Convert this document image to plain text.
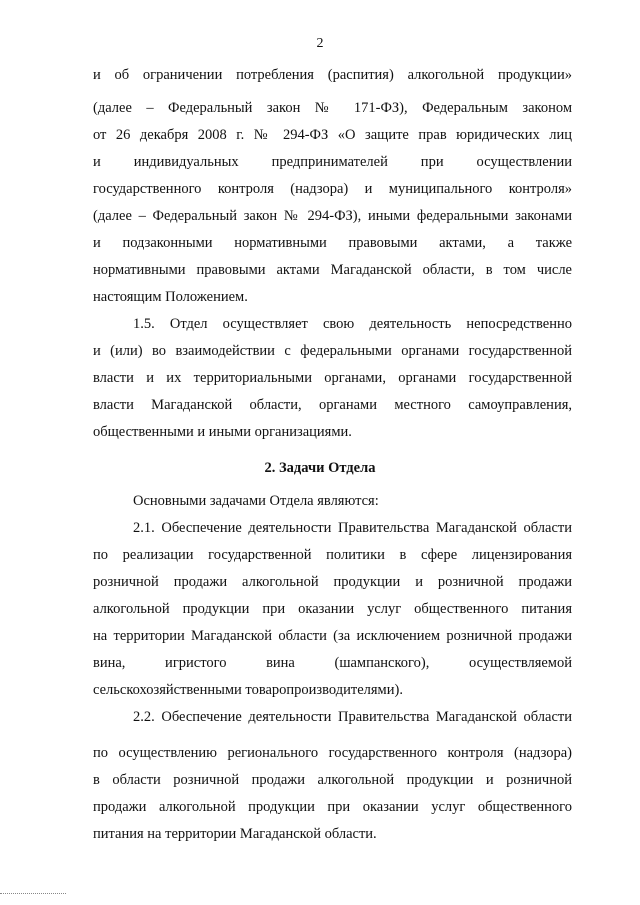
2
и об ограничении потребления (распития) алкогольной продукции»
(далее – Федеральный закон № 171-ФЗ), Федеральным законом
от 26 декабря 2008 г. № 294-ФЗ «О защите прав юридических лиц
и индивидуальных предпринимателей при осуществлении
государственного контроля (надзора) и муниципального контроля»
(далее – Федеральный закон № 294-ФЗ), иными федеральными законами
и подзаконными нормативными правовыми актами, а также
нормативными правовыми актами Магаданской области, в том числе
настоящим Положением.
1.5. Отдел осуществляет свою деятельность непосредственно
и (или) во взаимодействии с федеральными органами государственной
власти и их территориальными органами, органами государственной
власти Магаданской области, органами местного самоуправления,
общественными и иными организациями.
2. Задачи Отдела
Основными задачами Отдела являются:
2.1. Обеспечение деятельности Правительства Магаданской области
по реализации государственной политики в сфере лицензирования
розничной продажи алкогольной продукции и розничной продажи
алкогольной продукции при оказании услуг общественного питания
на территории Магаданской области (за исключением розничной продажи
вина, игристого вина (шампанского), осуществляемой
сельскохозяйственными товаропроизводителями).
2.2. Обеспечение деятельности Правительства Магаданской области
по осуществлению регионального государственного контроля (надзора)
в области розничной продажи алкогольной продукции и розничной
продажи алкогольной продукции при оказании услуг общественного
питания на территории Магаданской области.
